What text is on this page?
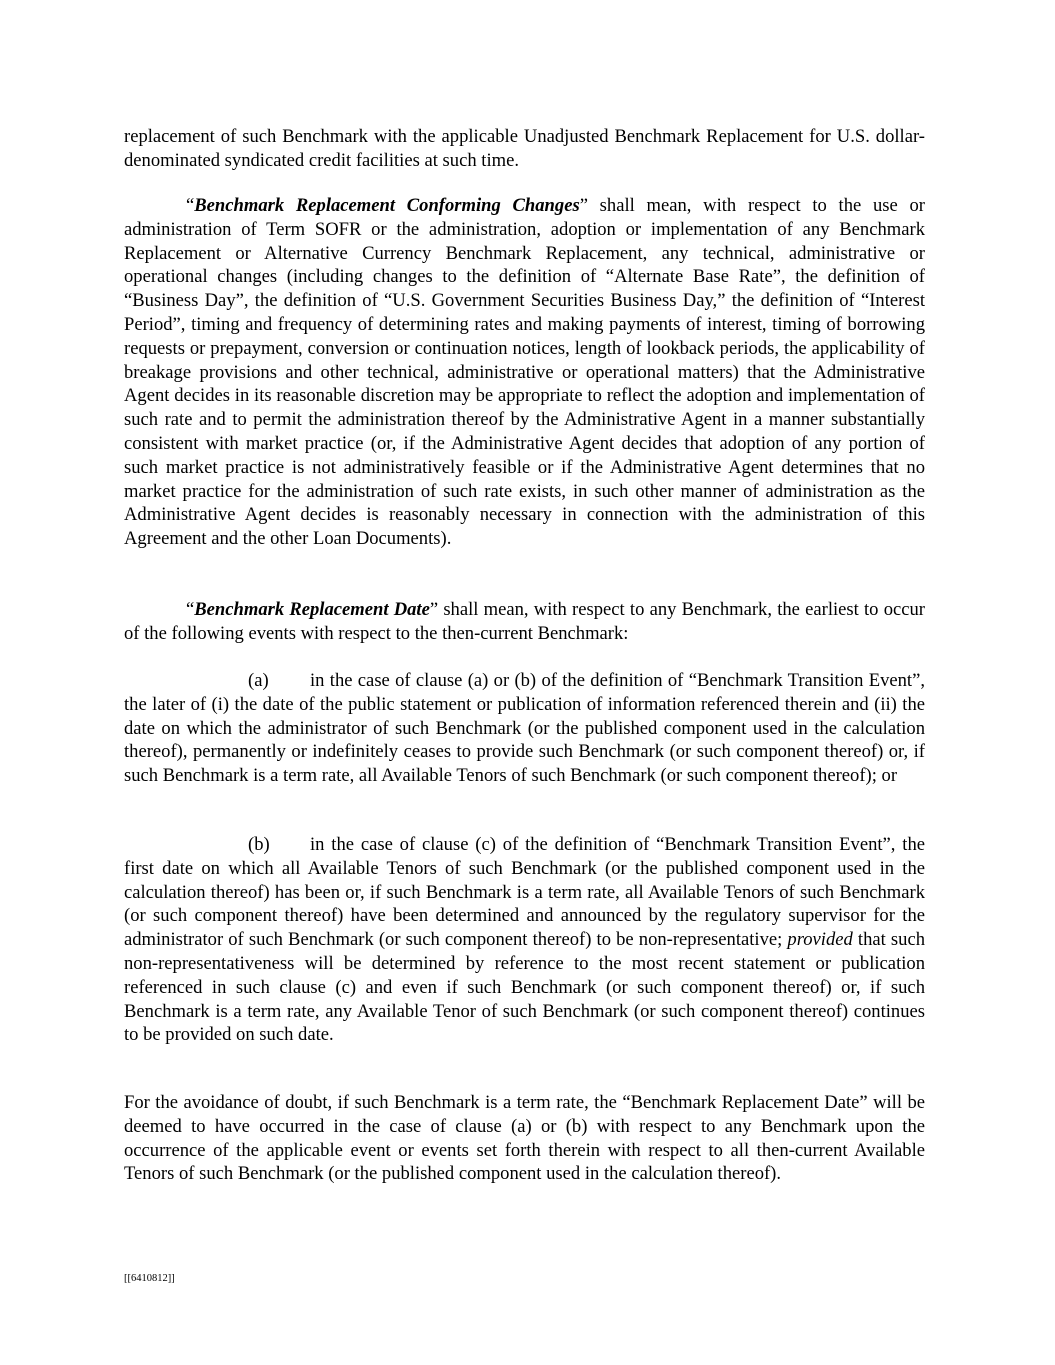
replacement of such Benchmark with the applicable Unadjusted Benchmark Replacement for U.S. dollar-denominated syndicated credit facilities at such time.

“Benchmark Replacement Conforming Changes” shall mean, with respect to the use or administration of Term SOFR or the administration, adoption or implementation of any Benchmark Replacement or Alternative Currency Benchmark Replacement, any technical, administrative or operational changes (including changes to the definition of “Alternate Base Rate”, the definition of “Business Day”, the definition of “U.S. Government Securities Business Day,” the definition of “Interest Period”, timing and frequency of determining rates and making payments of interest, timing of borrowing requests or prepayment, conversion or continuation notices, length of lookback periods, the applicability of breakage provisions and other technical, administrative or operational matters) that the Administrative Agent decides in its reasonable discretion may be appropriate to reflect the adoption and implementation of such rate and to permit the administration thereof by the Administrative Agent in a manner substantially consistent with market practice (or, if the Administrative Agent decides that adoption of any portion of such market practice is not administratively feasible or if the Administrative Agent determines that no market practice for the administration of such rate exists, in such other manner of administration as the Administrative Agent decides is reasonably necessary in connection with the administration of this Agreement and the other Loan Documents).

“Benchmark Replacement Date” shall mean, with respect to any Benchmark, the earliest to occur of the following events with respect to the then-current Benchmark:

(a) in the case of clause (a) or (b) of the definition of “Benchmark Transition Event”, the later of (i) the date of the public statement or publication of information referenced therein and (ii) the date on which the administrator of such Benchmark (or the published component used in the calculation thereof), permanently or indefinitely ceases to provide such Benchmark (or such component thereof) or, if such Benchmark is a term rate, all Available Tenors of such Benchmark (or such component thereof); or

(b) in the case of clause (c) of the definition of “Benchmark Transition Event”, the first date on which all Available Tenors of such Benchmark (or the published component used in the calculation thereof) has been or, if such Benchmark is a term rate, all Available Tenors of such Benchmark (or such component thereof) have been determined and announced by the regulatory supervisor for the administrator of such Benchmark (or such component thereof) to be non-representative; provided that such non-representativeness will be determined by reference to the most recent statement or publication referenced in such clause (c) and even if such Benchmark (or such component thereof) or, if such Benchmark is a term rate, any Available Tenor of such Benchmark (or such component thereof) continues to be provided on such date.

For the avoidance of doubt, if such Benchmark is a term rate, the “Benchmark Replacement Date” will be deemed to have occurred in the case of clause (a) or (b) with respect to any Benchmark upon the occurrence of the applicable event or events set forth therein with respect to all then-current Available Tenors of such Benchmark (or the published component used in the calculation thereof).

[[6410812]]
